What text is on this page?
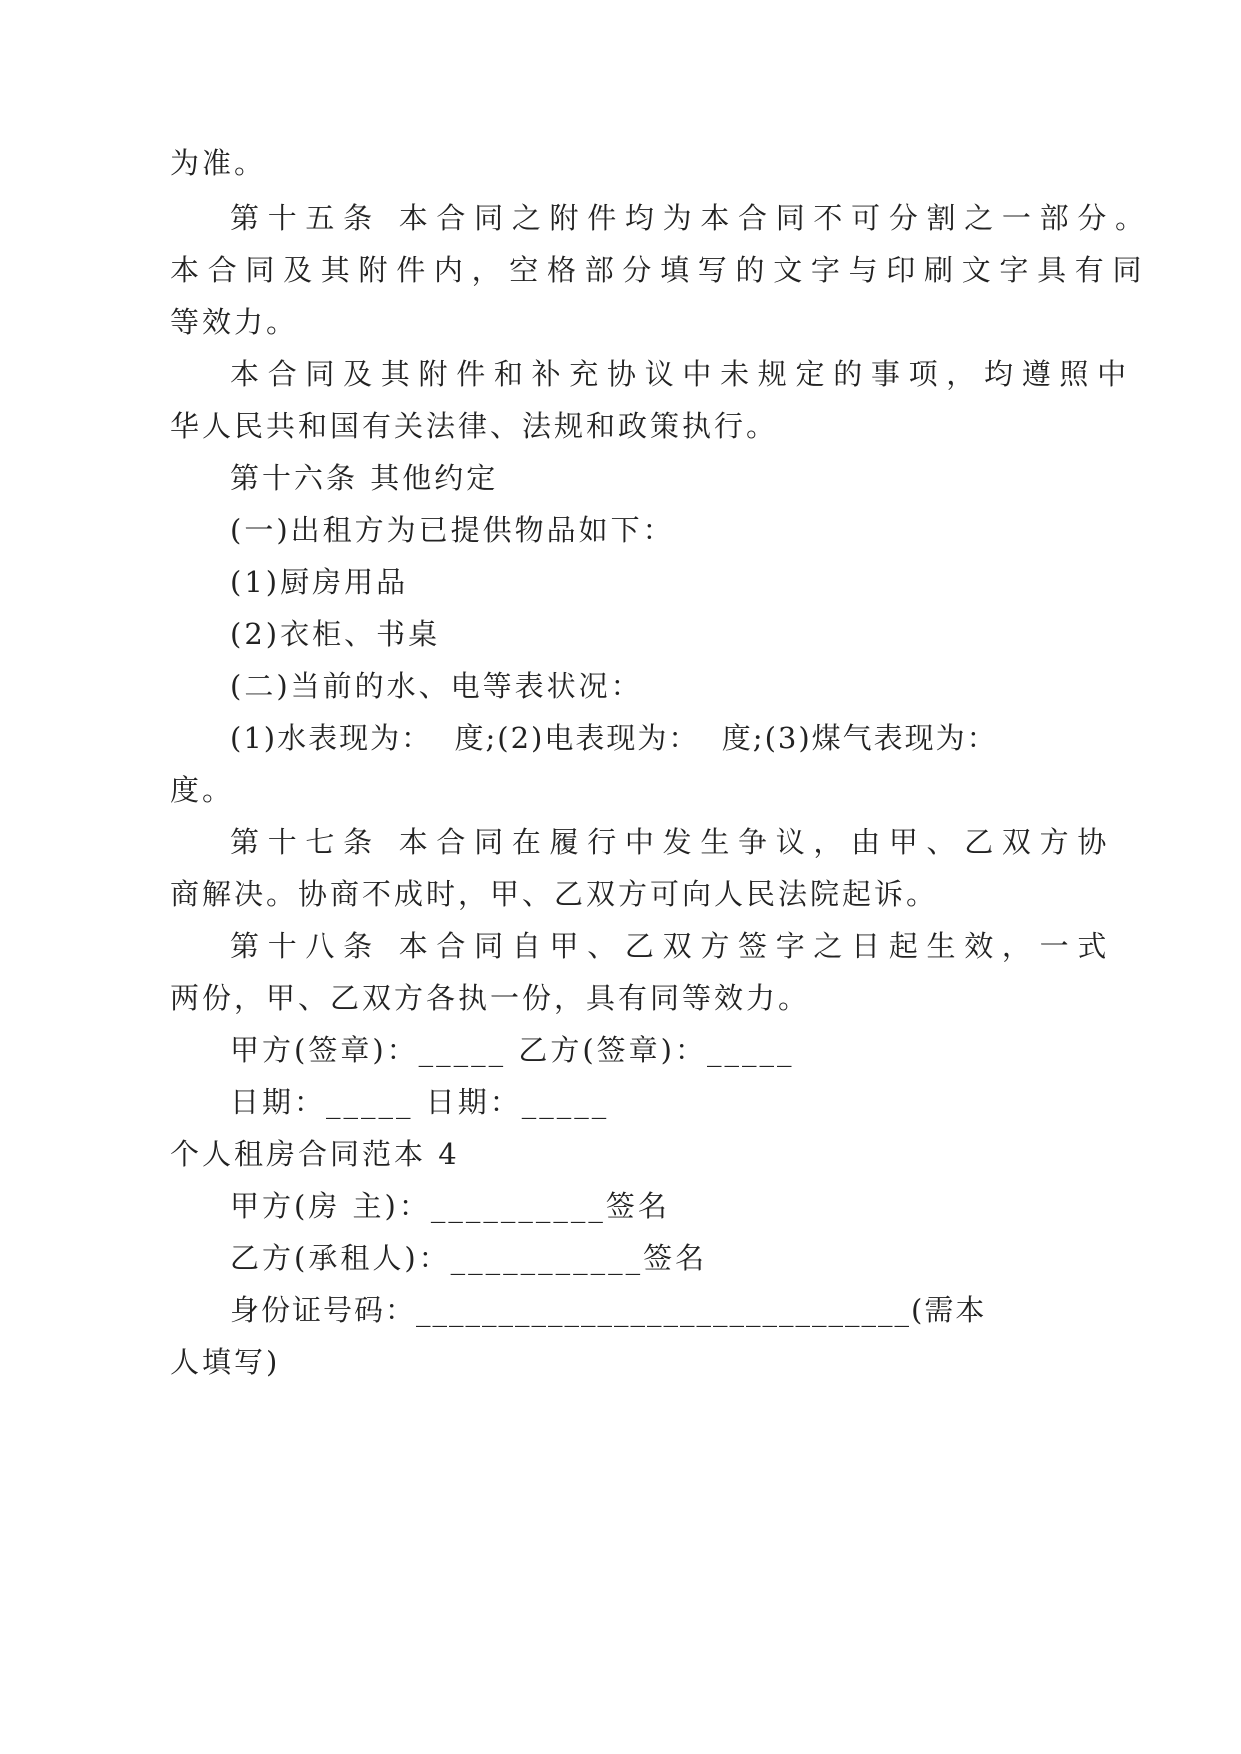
为准。

第十五条 本合同之附件均为本合同不可分割之一部分。

本合同及其附件内，空格部分填写的文字与印刷文字具有同

等效力。

本合同及其附件和补充协议中未规定的事项，均遵照中

华人民共和国有关法律、法规和政策执行。

第十六条 其他约定

(一)出租方为已提供物品如下：

(1)厨房用品

(2)衣柜、书桌

(二)当前的水、电等表状况：

(1)水表现为：  度;(2)电表现为：  度;(3)煤气表现为：

度。

第十七条 本合同在履行中发生争议，由甲、乙双方协

商解决。协商不成时，甲、乙双方可向人民法院起诉。

第十八条 本合同自甲、乙双方签字之日起生效，一式

两份，甲、乙双方各执一份，具有同等效力。

甲方(签章)：_____ 乙方(签章)：_____

日期：_____ 日期：_____

个人租房合同范本 4

甲方(房 主)：__________签名

乙方(承租人)：___________签名

身份证号码：______________________________(需本

人填写)
